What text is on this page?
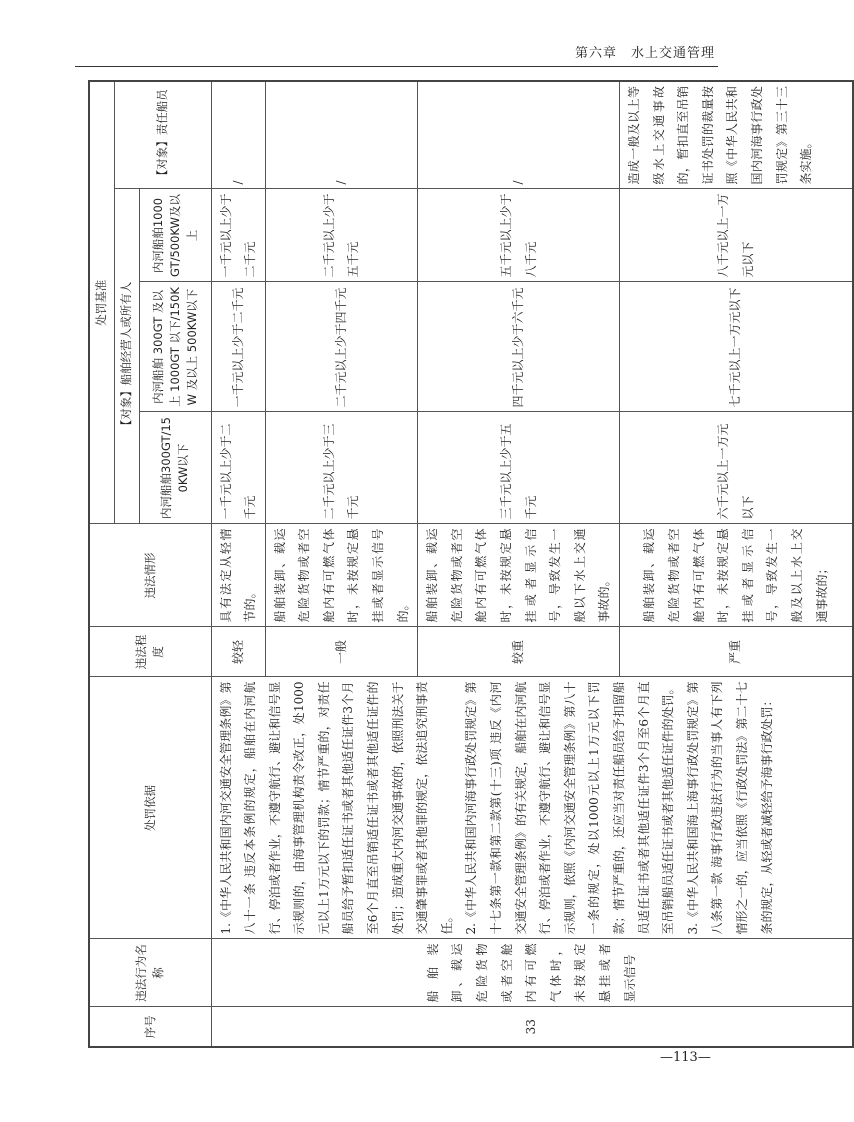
第六章　水上交通管理
序号	违法行为名称	处罚依据	违法程度	违法情形	处罚基准			
					【对象】船舶经营人或所有人			【对象】责任船员
					内河船舶300GT/150KW以下	内河船舶 300GT 及以上 1000GT 以下/150KW 及以上 500KW以下	内河船舶1000GT/500KW及以上	
33	船舶装卸、载运危险货物或者空舱内有可燃气体时，未按规定悬挂或者显示信号	1.《中华人民共和国内河交通安全管理条例》第八十一条 违反本条例的规定，船舶在内河航行、停泊或者作业，不遵守航行、避让和信号显示规则的，由海事管理机构责令改正，处1000元以上1万元以下的罚款；情节严重的，对责任船员给予暂扣适任证书或者其他适任证件3个月至6个月直至吊销适任证书或者其他适任证件的处罚；造成重大内河交通事故的，依照刑法关于交通肇事罪或者其他罪的规定，依法追究刑事责任。
2.《中华人民共和国内河海事行政处罚规定》第十七条第一款和第二款第(十三)项 违反《内河交通安全管理条例》的有关规定，船舶在内河航行、停泊或者作业，不遵守航行、避让和信号显示规则，依照《内河交通安全管理条例》第八十一条的规定，处以1000元以上1万元以下罚款；情节严重的，还应当对责任船员给予扣留船员适任证书或者其他适任证件3个月至6个月直至吊销船员适任证书或者其他适任证件的处罚。
3.《中华人民共和国海上海事行政处罚规定》第八条第一款 海事行政违法行为的当事人有下列情形之一的，应当依照《行政处罚法》第二十七条的规定，从轻或者减轻给予海事行政处罚：	较轻	具有法定从轻情节的。	一千元以上少于二千元	一千元以上少于二千元	一千元以上少于二千元	/
			一般	船舶装卸、载运危险货物或者空舱内有可燃气体时，未按规定悬挂或者显示信号的。	二千元以上少于三千元	二千元以上少于四千元	二千元以上少于五千元	/
			较重	船舶装卸、载运危险货物或者空舱内有可燃气体时，未按规定悬挂或者显示信号，导致发生一般以下水上交通事故的。	三千元以上少于五千元	四千元以上少于六千元	五千元以上少于八千元	/
			严重	船舶装卸、载运危险货物或者空舱内有可燃气体时，未按规定悬挂或者显示信号，导致发生一般及以上水上交通事故的；	六千元以上一万元以下	七千元以上一万元以下	八千元以上一万元以下	造成一般及以上等级水上交通事故的，暂扣直至吊销证书处罚的裁量按照《中华人民共和国内河海事行政处罚规定》第三十三条实施。
—113—
